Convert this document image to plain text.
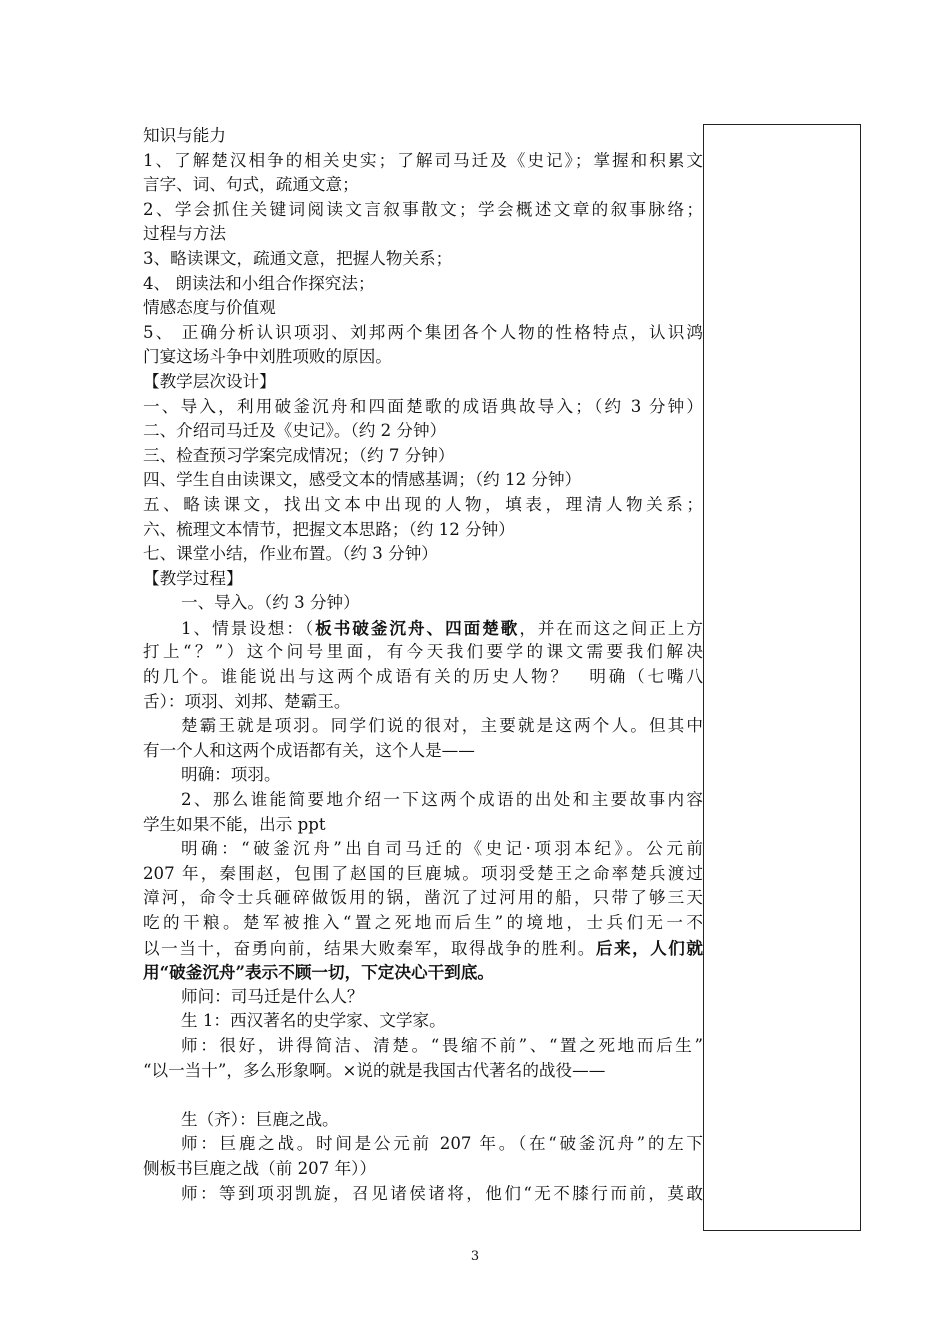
知识与能力
1、了解楚汉相争的相关史实；了解司马迁及《史记》；掌握和积累文
言字、词、句式，疏通文意；
2、学会抓住关键词阅读文言叙事散文；学会概述文章的叙事脉络；
过程与方法
3、略读课文，疏通文意，把握人物关系；
4、 朗读法和小组合作探究法；
情感态度与价值观
5、 正确分析认识项羽、刘邦两个集团各个人物的性格特点，认识鸿
门宴这场斗争中刘胜项败的原因。
【教学层次设计】
一、导入，利用破釜沉舟和四面楚歌的成语典故导入；（约 3 分钟）
二、介绍司马迁及《史记》。（约 2 分钟）
三、检查预习学案完成情况；（约 7 分钟）
四、学生自由读课文，感受文本的情感基调；（约 12 分钟）
五、略读课文，找出文本中出现的人物，填表，理清人物关系；
六、梳理文本情节，把握文本思路；（约 12 分钟）
七、课堂小结，作业布置。（约 3 分钟）
【教学过程】
一、导入。（约 3 分钟）
1、情景设想：（板书破釜沉舟、四面楚歌，并在而这之间正上方
打上“？”）这个问号里面，有今天我们要学的课文需要我们解决
的几个。谁能说出与这两个成语有关的历史人物？　明确（七嘴八
舌）：项羽、刘邦、楚霸王。
楚霸王就是项羽。同学们说的很对，主要就是这两个人。但其中
有一个人和这两个成语都有关，这个人是——
明确：项羽。
2、那么谁能简要地介绍一下这两个成语的出处和主要故事内容
学生如果不能，出示 ppt
明确：“破釜沉舟”出自司马迁的《史记·项羽本纪》。公元前
207 年，秦围赵，包围了赵国的巨鹿城。项羽受楚王之命率楚兵渡过
漳河，命令士兵砸碎做饭用的锅，凿沉了过河用的船，只带了够三天
吃的干粮。楚军被推入“置之死地而后生”的境地，士兵们无一不
以一当十，奋勇向前，结果大败秦军，取得战争的胜利。后来，人们就
用“破釜沉舟”表示不顾一切，下定决心干到底。
师问：司马迁是什么人？
生 1：西汉著名的史学家、文学家。
师：很好，讲得简洁、清楚。“畏缩不前”、“置之死地而后生”
“以一当十”，多么形象啊。×说的就是我国古代著名的战役——
生（齐）：巨鹿之战。
师：巨鹿之战。时间是公元前 207 年。（在“破釜沉舟”的左下
侧板书巨鹿之战（前 207 年））
师：等到项羽凯旋，召见诸侯诸将，他们“无不膝行而前，莫敢
3
